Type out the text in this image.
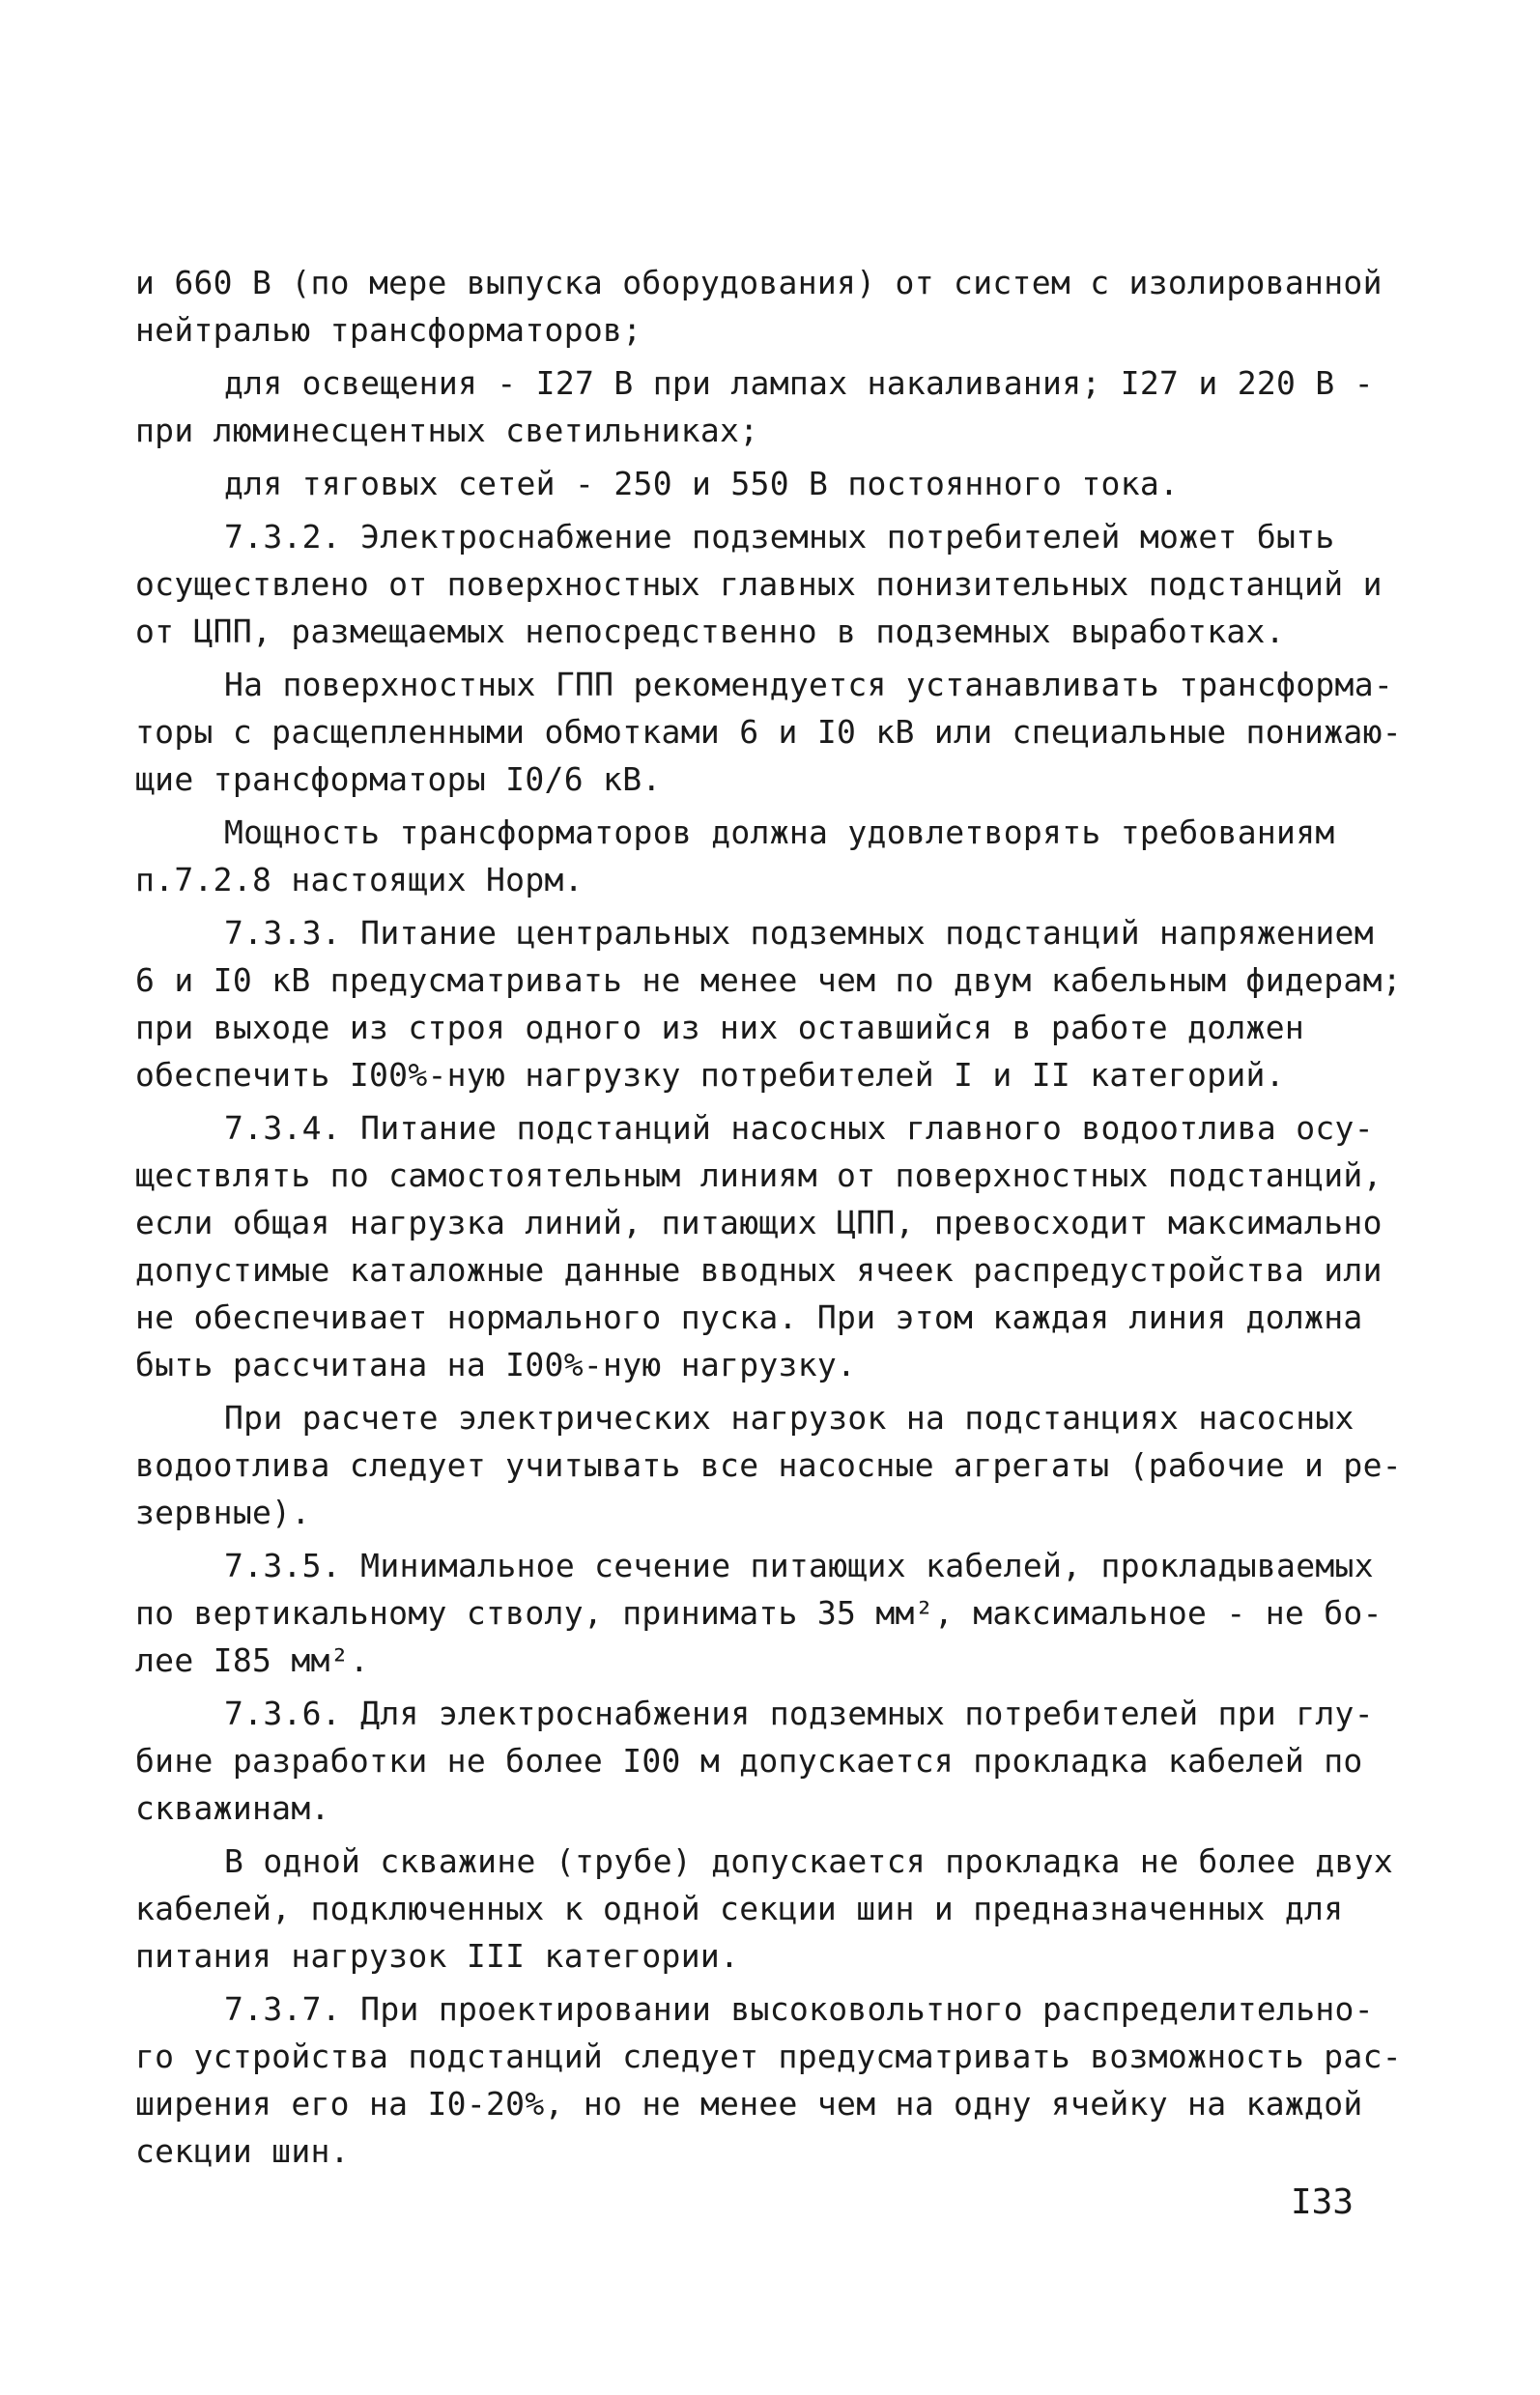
и 660 В (по мере выпуска оборудования) от систем с изолированной
нейтралью трансформаторов;
для освещения - I27 В при лампах накаливания; I27 и 220 В -
при люминесцентных светильниках;
для тяговых сетей - 250 и 550 В постоянного тока.
7.3.2. Электроснабжение подземных потребителей может быть
осуществлено от поверхностных главных понизительных подстанций и
от ЦПП, размещаемых непосредственно в подземных выработках.
На поверхностных ГПП рекомендуется устанавливать трансформа-
торы с расщепленными обмотками 6 и I0 кВ или специальные понижаю-
щие трансформаторы I0/6 кВ.
Мощность трансформаторов должна удовлетворять требованиям
п.7.2.8 настоящих Норм.
7.3.3. Питание центральных подземных подстанций напряжением
6 и I0 кВ предусматривать не менее чем по двум кабельным фидерам;
при выходе из строя одного из них оставшийся в работе должен
обеспечить I00%-ную нагрузку потребителей I и II категорий.
7.3.4. Питание подстанций насосных главного водоотлива осу-
ществлять по самостоятельным линиям от поверхностных подстанций,
если общая нагрузка линий, питающих ЦПП, превосходит максимально
допустимые каталожные данные вводных ячеек распредустройства или
не обеспечивает нормального пуска. При этом каждая линия должна
быть рассчитана на I00%-ную нагрузку.
При расчете электрических нагрузок на подстанциях насосных
водоотлива следует учитывать все насосные агрегаты (рабочие и ре-
зервные).
7.3.5. Минимальное сечение питающих кабелей, прокладываемых
по вертикальному стволу, принимать 35 мм², максимальное - не бо-
лее I85 мм².
7.3.6. Для электроснабжения подземных потребителей при глу-
бине разработки не более I00 м допускается прокладка кабелей по
скважинам.
В одной скважине (трубе) допускается прокладка не более двух
кабелей, подключенных к одной секции шин и предназначенных для
питания нагрузок III категории.
7.3.7. При проектировании высоковольтного распределительно-
го устройства подстанций следует предусматривать возможность рас-
ширения его на I0-20%, но не менее чем на одну ячейку на каждой
секции шин.
I33
